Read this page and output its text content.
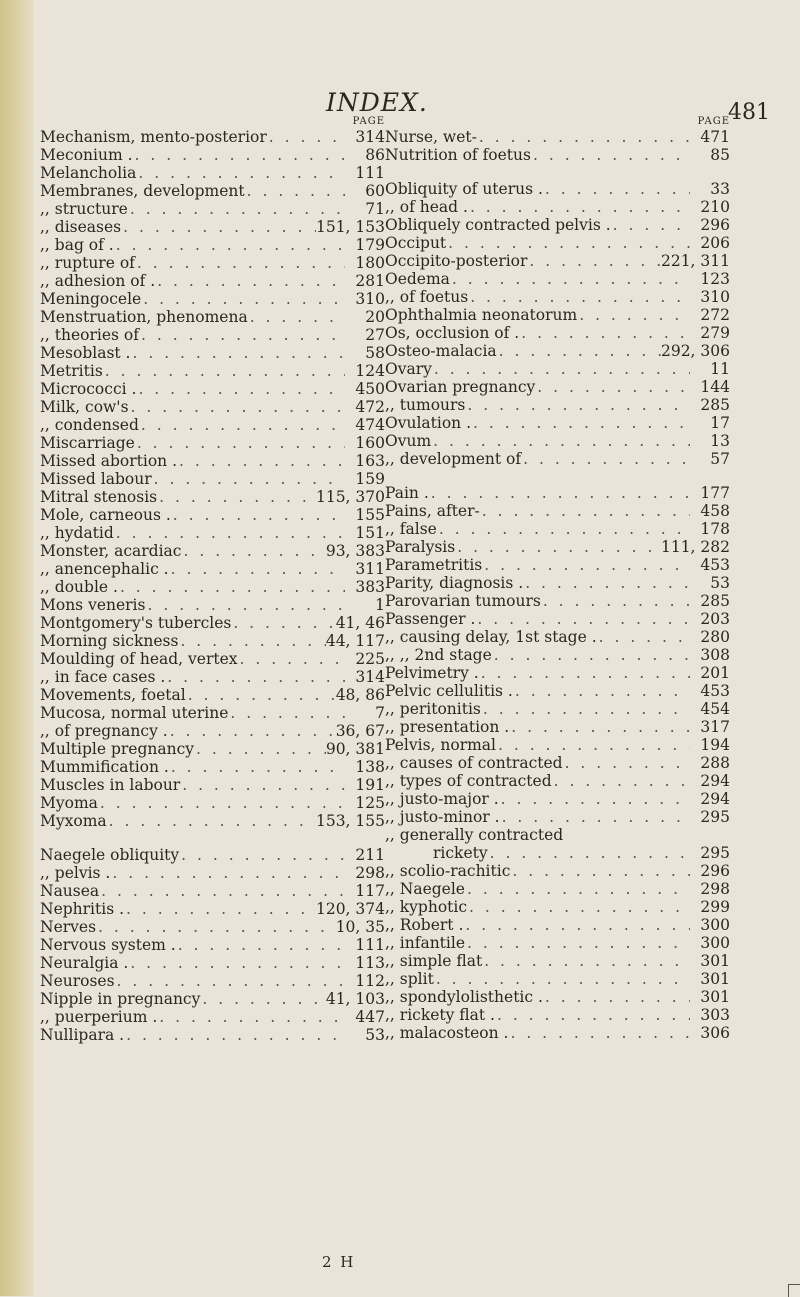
INDEX.	481
PAGE
Mechanism, mento-posterior . .	314
Meconium . . .	86
Melancholia . .	111
Membranes, development . .	60
,, structure . .	71
,, diseases . .	151, 153
,, bag of . . .	179
,, rupture of . .	180
,, adhesion of . . .	281
Meningocele . .	310
Menstruation, phenomena . .	20
,, theories of . .	27
Mesoblast . . .	58
Metritis . .	124
Micrococci . . .	450
Milk, cow's . .	472
,, condensed . .	474
Miscarriage . .	160
Missed abortion . . .	163
Missed labour . .	159
Mitral stenosis . .	115, 370
Mole, carneous . . .	155
,, hydatid . .	151
Monster, acardiac . .	93, 383
,, anencephalic . . .	311
,, double . . .	383
Mons veneris . .	1
Montgomery's tubercles . .	41, 46
Morning sickness . .	44, 117
Moulding of head, vertex . .	225
,, in face cases . . .	314
Movements, foetal . .	48, 86
Mucosa, normal uterine . .	7
,, of pregnancy . . .	36, 67
Multiple pregnancy . .	90, 381
Mummification . . .	138
Muscles in labour . .	191
Myoma . .	125
Myxoma . .	153, 155
Naegele obliquity . .	211
,, pelvis . . .	298
Nausea . .	117
Nephritis . . .	120, 374
Nerves . .	10, 35
Nervous system . . .	111
Neuralgia . . .	113
Neuroses . .	112
Nipple in pregnancy . .	41, 103
,, puerperium . . .	447
Nullipara . . .	53
PAGE
Nurse, wet- . .	471
Nutrition of foetus . .	85
Obliquity of uterus . . .	33
,, of head . . .	210
Obliquely contracted pelvis . . .	296
Occiput . .	206
Occipito-posterior . .	221, 311
Oedema . .	123
,, of foetus . .	310
Ophthalmia neonatorum . .	272
Os, occlusion of . . .	279
Osteo-malacia . .	292, 306
Ovary . .	11
Ovarian pregnancy . .	144
,, tumours . .	285
Ovulation . . .	17
Ovum . .	13
,, development of . .	57
Pain . . .	177
Pains, after- . .	458
,, false . .	178
Paralysis . .	111, 282
Parametritis . .	453
Parity, diagnosis . . .	53
Parovarian tumours . .	285
Passenger . . .	203
,, causing delay, 1st stage . . .	280
,, ,, 2nd stage . .	308
Pelvimetry . . .	201
Pelvic cellulitis . . .	453
,, peritonitis . .	454
,, presentation . . .	317
Pelvis, normal . .	194
,, causes of contracted . .	288
,, types of contracted . .	294
,, justo-major . . .	294
,, justo-minor . . .	295
,, generally contracted
rickety . .	295
,, scolio-rachitic . .	296
,, Naegele . .	298
,, kyphotic . .	299
,, Robert . . .	300
,, infantile . .	300
,, simple flat . .	301
,, split . .	301
,, spondylolisthetic . . .	301
,, rickety flat . . .	303
,, malacosteon . . .	306
2 H
